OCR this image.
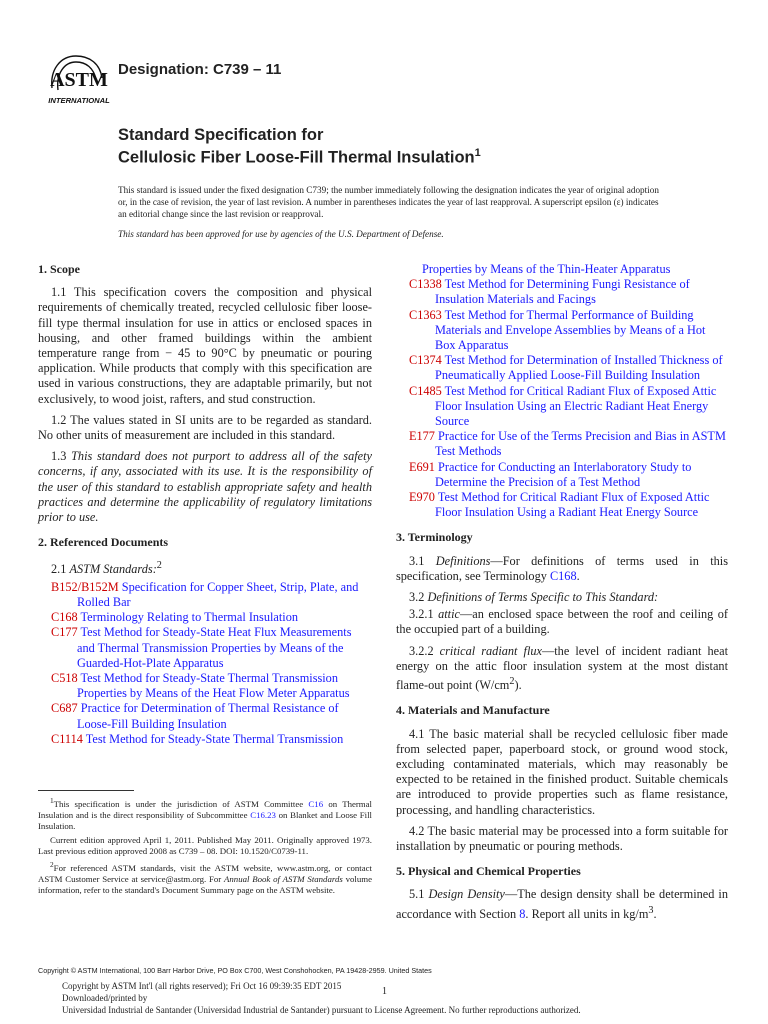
ASTM
INTERNATIONAL
Designation: C739 – 11
Standard Specification for
Cellulosic Fiber Loose-Fill Thermal Insulation$^1$
This standard is issued under the fixed designation C739; the number immediately following the designation indicates the year of original adoption or, in the case of revision, the year of last revision. A number in parentheses indicates the year of last reapproval. A superscript epsilon (ε) indicates an editorial change since the last revision or reapproval.
This standard has been approved for use by agencies of the U.S. Department of Defense.
1. Scope

1.1 This specification covers the composition and physical requirements of chemically treated, recycled cellulosic fiber loose-fill type thermal insulation for use in attics or enclosed spaces in housing, and other framed buildings within the ambient temperature range from − 45 to 90°C by pneumatic or pouring application. While products that comply with this specification are used in various constructions, they are adaptable primarily, but not exclusively, to wood joist, rafters, and stud construction.

1.2 The values stated in SI units are to be regarded as standard. No other units of measurement are included in this standard.

1.3 This standard does not purport to address all of the safety concerns, if any, associated with its use. It is the responsibility of the user of this standard to establish appropriate safety and health practices and determine the applicability of regulatory limitations prior to use.

2. Referenced Documents

2.1 ASTM Standards:$^2$

B152/B152M Specification for Copper Sheet, Strip, Plate, and Rolled Bar
C168 Terminology Relating to Thermal Insulation
C177 Test Method for Steady-State Heat Flux Measurements and Thermal Transmission Properties by Means of the Guarded-Hot-Plate Apparatus
C518 Test Method for Steady-State Thermal Transmission Properties by Means of the Heat Flow Meter Apparatus
C687 Practice for Determination of Thermal Resistance of Loose-Fill Building Insulation
C1114 Test Method for Steady-State Thermal Transmission

$^1$This specification is under the jurisdiction of ASTM Committee C16 on Thermal Insulation and is the direct responsibility of Subcommittee C16.23 on Blanket and Loose Fill Insulation.

Current edition approved April 1, 2011. Published May 2011. Originally approved 1973. Last previous edition approved 2008 as C739 – 08. DOI: 10.1520/C0739-11.

$^2$For referenced ASTM standards, visit the ASTM website, www.astm.org, or contact ASTM Customer Service at service@astm.org. For Annual Book of ASTM Standards volume information, refer to the standard's Document Summary page on the ASTM website.

Properties by Means of the Thin-Heater Apparatus
C1338 Test Method for Determining Fungi Resistance of Insulation Materials and Facings
C1363 Test Method for Thermal Performance of Building Materials and Envelope Assemblies by Means of a Hot Box Apparatus
C1374 Test Method for Determination of Installed Thickness of Pneumatically Applied Loose-Fill Building Insulation
C1485 Test Method for Critical Radiant Flux of Exposed Attic Floor Insulation Using an Electric Radiant Heat Energy Source
E177 Practice for Use of the Terms Precision and Bias in ASTM Test Methods
E691 Practice for Conducting an Interlaboratory Study to Determine the Precision of a Test Method
E970 Test Method for Critical Radiant Flux of Exposed Attic Floor Insulation Using a Radiant Heat Energy Source
3. Terminology

3.1 Definitions—For definitions of terms used in this specification, see Terminology C168.

3.2 Definitions of Terms Specific to This Standard:

3.2.1 attic—an enclosed space between the roof and ceiling of the occupied part of a building.

3.2.2 critical radiant flux—the level of incident radiant heat energy on the attic floor insulation system at the most distant flame-out point $(W/cm^2)$.

4. Materials and Manufacture

4.1 The basic material shall be recycled cellulosic fiber made from selected paper, paperboard stock, or ground wood stock, excluding contaminated materials, which may reasonably be expected to be retained in the finished product. Suitable chemicals are introduced to provide properties such as flame resistance, processing, and handling characteristics.

4.2 The basic material may be processed into a form suitable for installation by pneumatic or pouring methods.

5. Physical and Chemical Properties

5.1 Design Density—The design density shall be determined in accordance with Section 8. Report all units in $kg/m^3$.

Copyright © ASTM International, 100 Barr Harbor Drive, PO Box C700, West Conshohocken, PA 19428-2959. United States
Copyright by ASTM Int'l (all rights reserved); Fri Oct 16 09:39:35 EDT 2015
Downloaded/printed by
Universidad Industrial de Santander (Universidad Industrial de Santander) pursuant to License Agreement. No further reproductions authorized.
1
